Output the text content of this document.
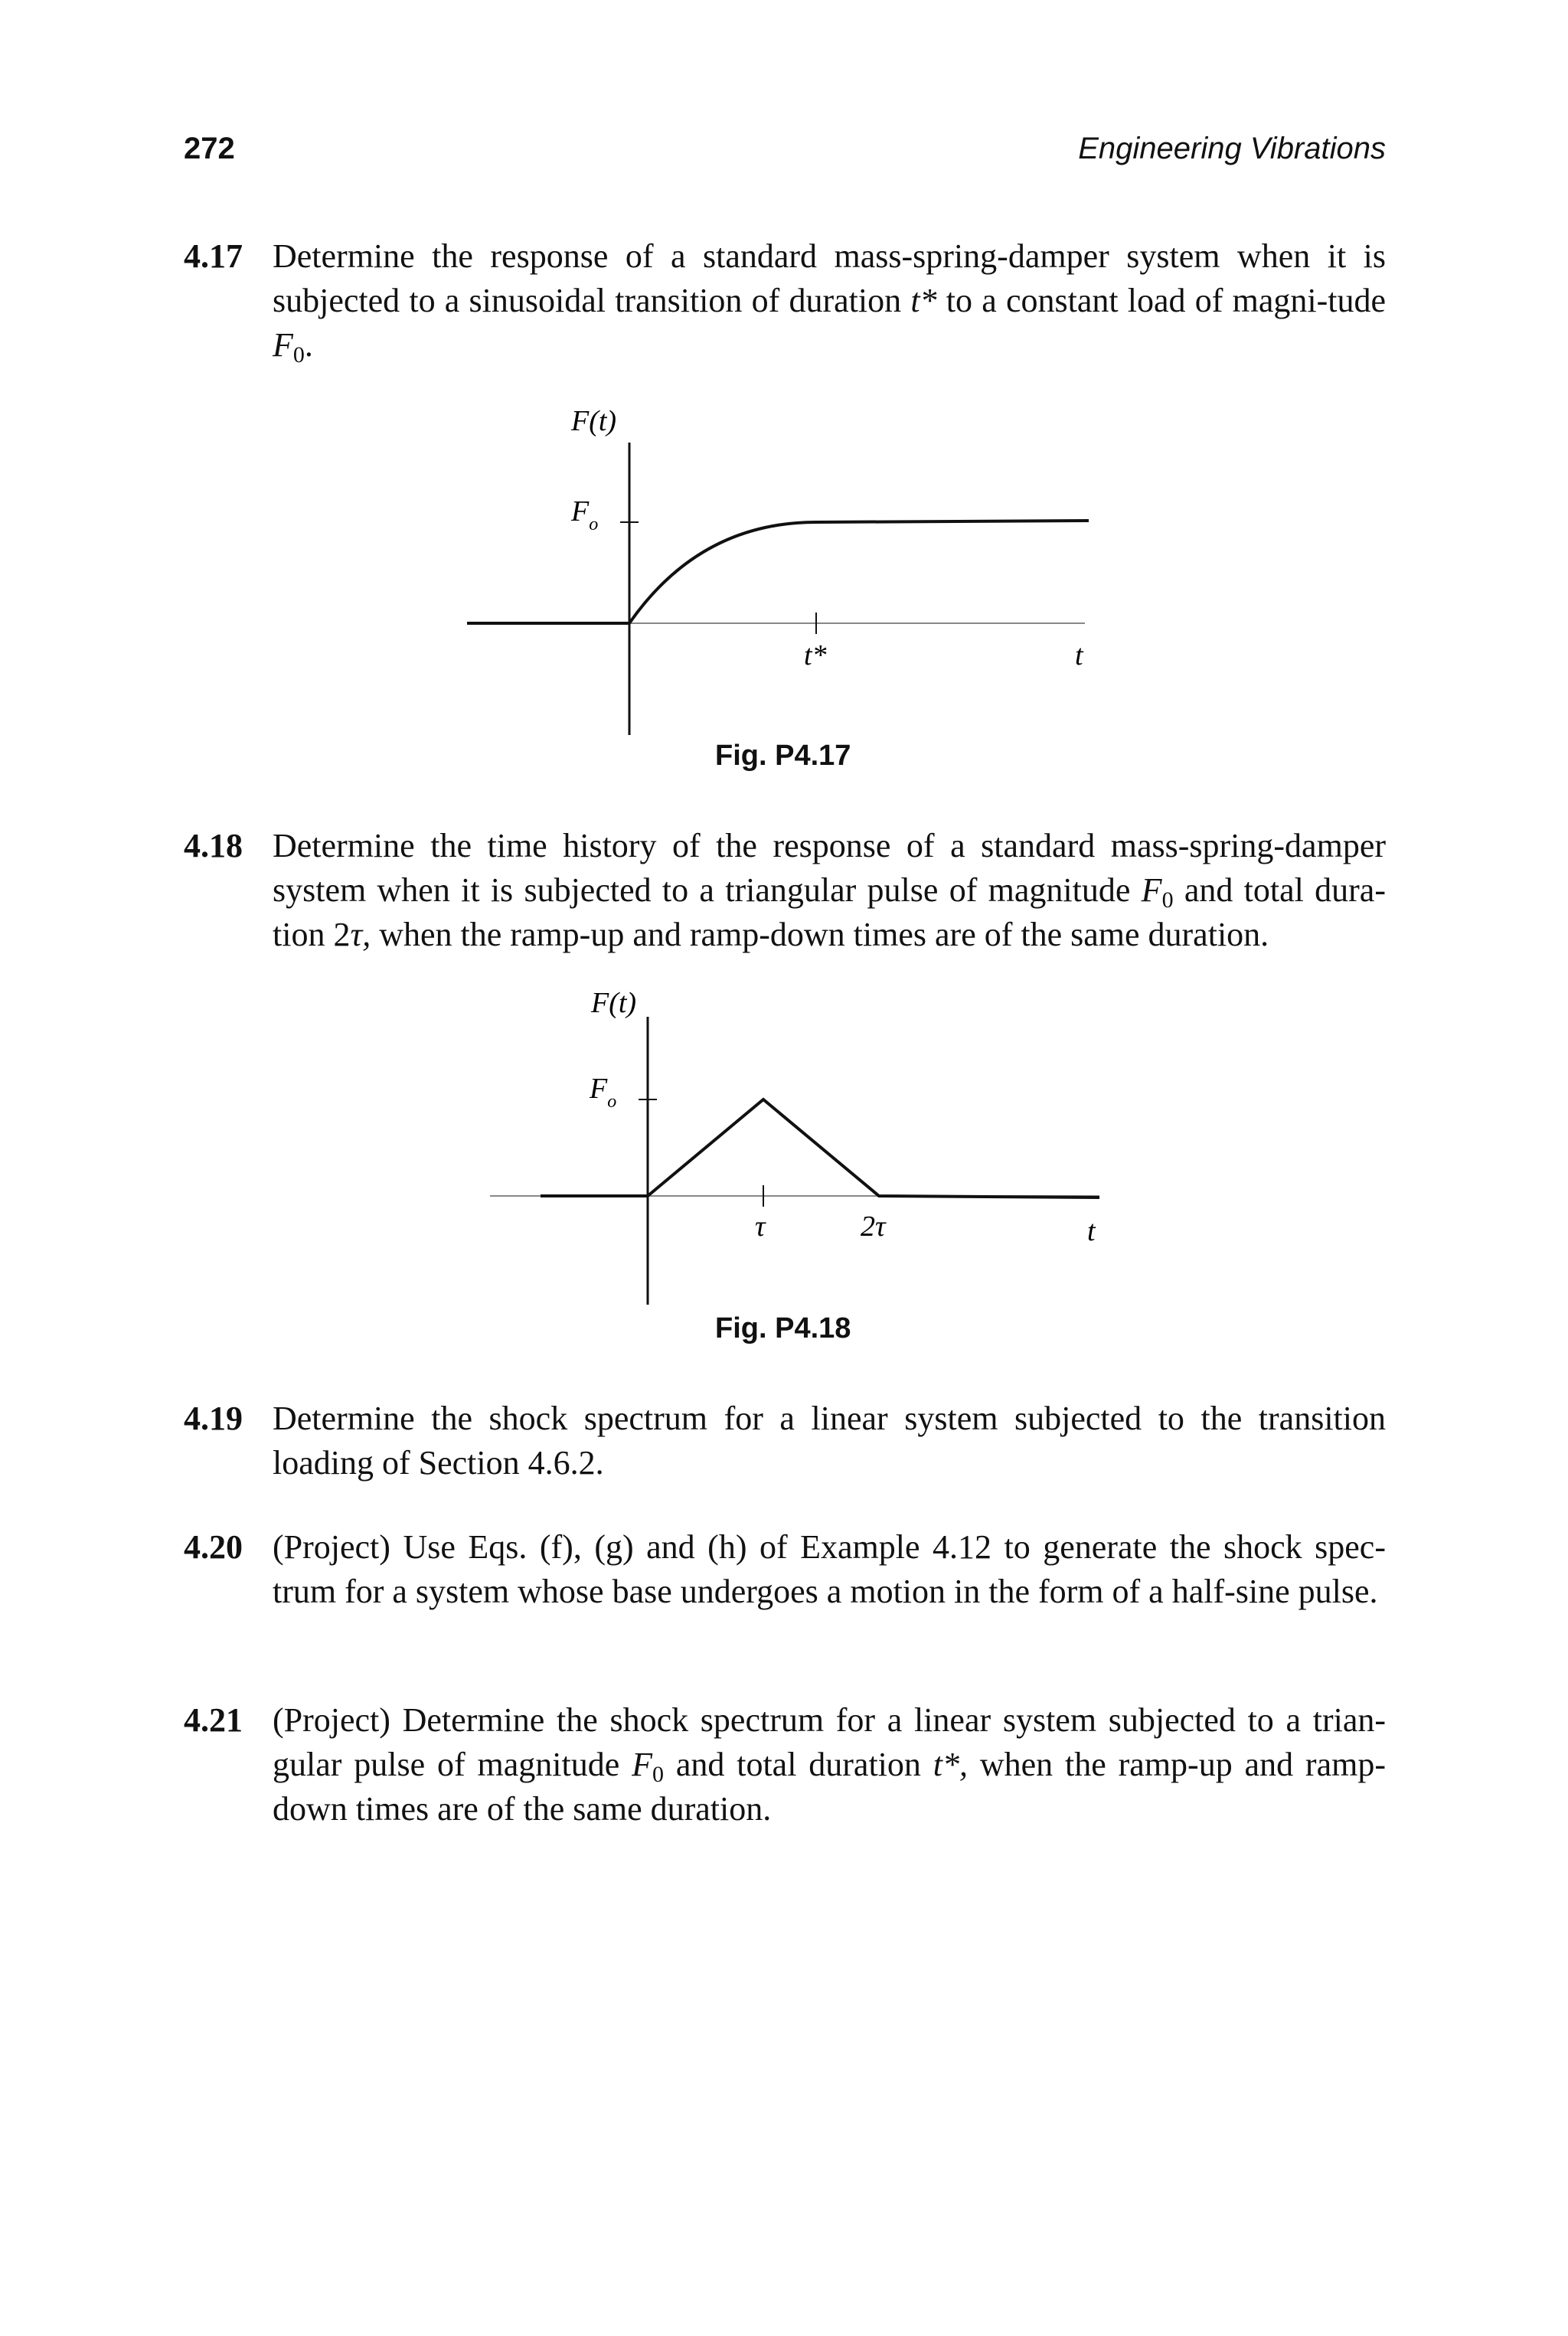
272	Engineering Vibrations
4.17 Determine the response of a standard mass-spring-damper system when it is subjected to a sinusoidal transition of duration t* to a constant load of magni-tude $F_0$.
F(t)
$F_o$
t*	t
Fig. P4.17
4.18 Determine the time history of the response of a standard mass-spring-damper system when it is subjected to a triangular pulse of magnitude $F_0$ and total dura-tion 2τ, when the ramp-up and ramp-down times are of the same duration.
F(t)
$F_o$
τ	2τ	t
Fig. P4.18
4.19 Determine the shock spectrum for a linear system subjected to the transition loading of Section 4.6.2.
4.20 (Project) Use Eqs. (f), (g) and (h) of Example 4.12 to generate the shock spec-trum for a system whose base undergoes a motion in the form of a half-sine pulse.
4.21 (Project) Determine the shock spectrum for a linear system subjected to a trian-gular pulse of magnitude $F_0$ and total duration t*, when the ramp-up and ramp-down times are of the same duration.
